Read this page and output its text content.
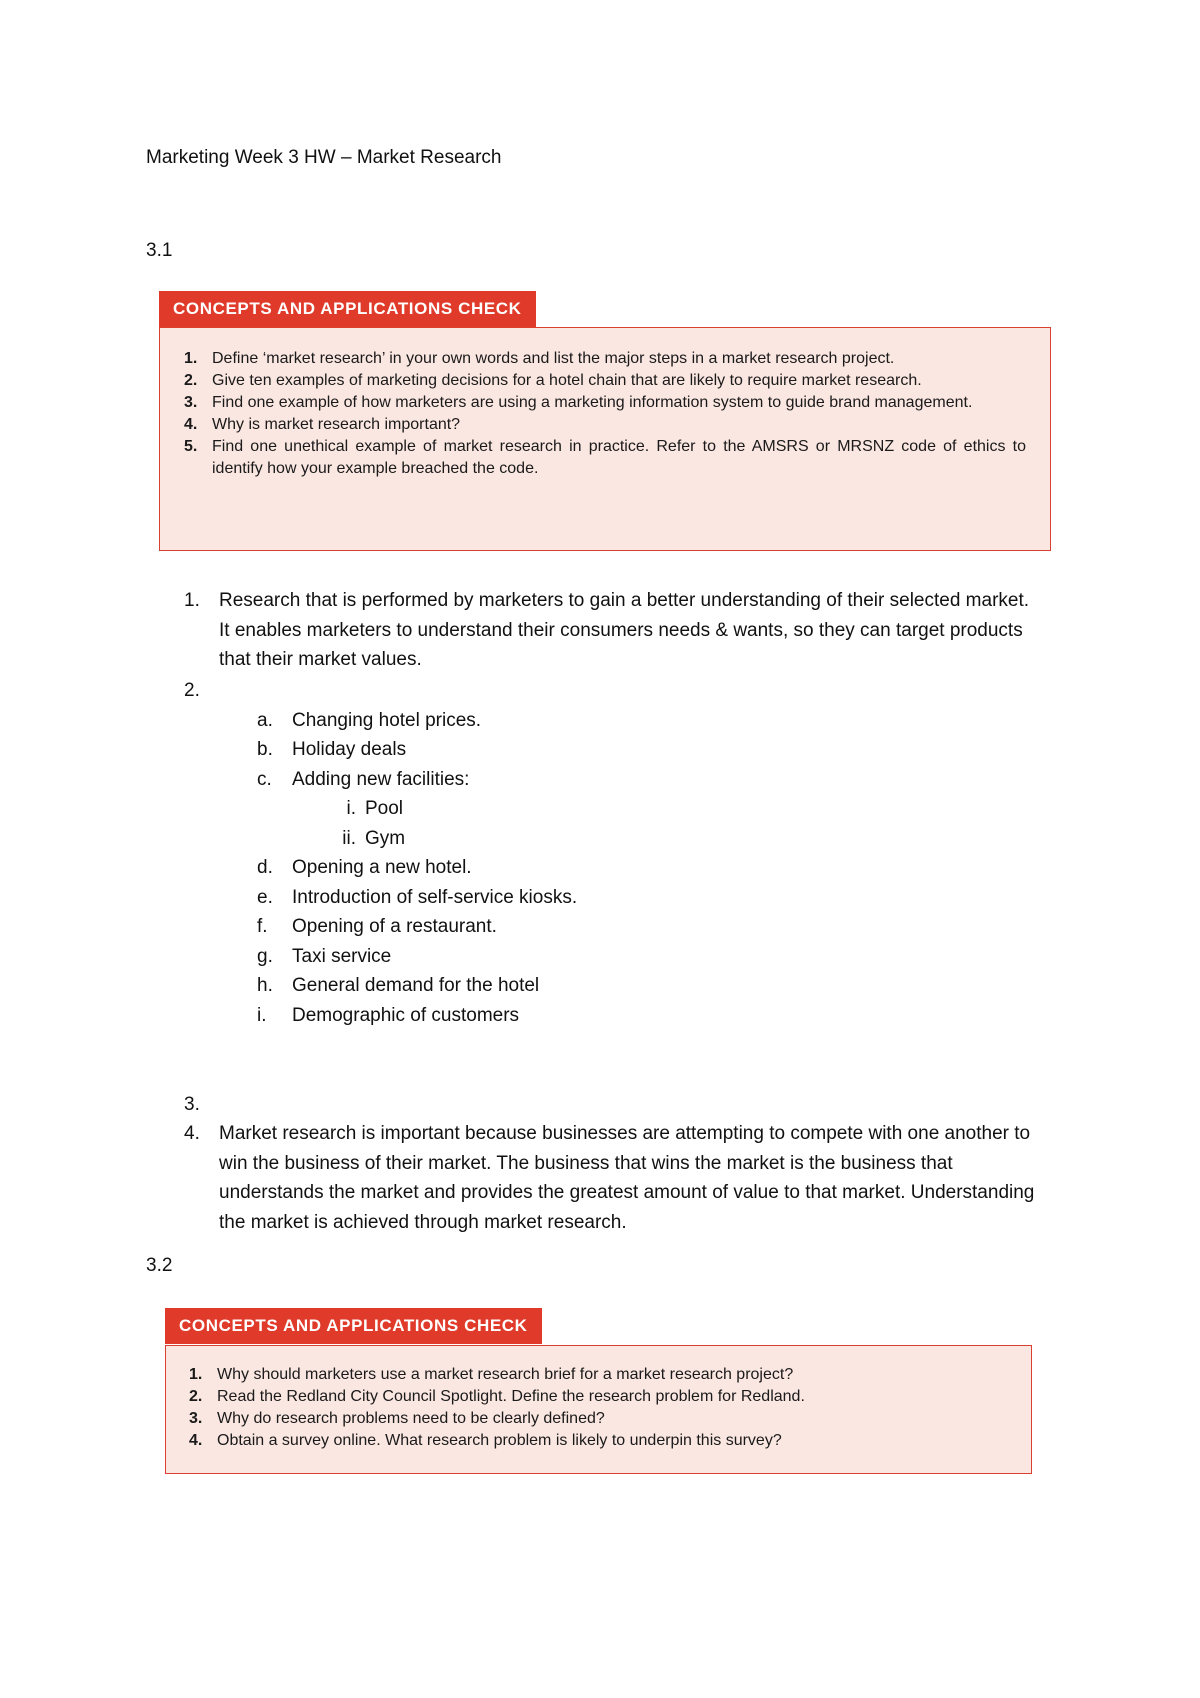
Marketing Week 3 HW – Market Research
3.1
CONCEPTS AND APPLICATIONS CHECK
1. Define ‘market research’ in your own words and list the major steps in a market research project.
2. Give ten examples of marketing decisions for a hotel chain that are likely to require market research.
3. Find one example of how marketers are using a marketing information system to guide brand management.
4. Why is market research important?
5. Find one unethical example of market research in practice. Refer to the AMSRS or MRSNZ code of ethics to identify how your example breached the code.
1. Research that is performed by marketers to gain a better understanding of their selected market. It enables marketers to understand their consumers needs & wants, so they can target products that their market values.
2.
a. Changing hotel prices.
b. Holiday deals
c. Adding new facilities:
i. Pool
ii. Gym
d. Opening a new hotel.
e. Introduction of self-service kiosks.
f. Opening of a restaurant.
g. Taxi service
h. General demand for the hotel
i. Demographic of customers
3.
4. Market research is important because businesses are attempting to compete with one another to win the business of their market. The business that wins the market is the business that understands the market and provides the greatest amount of value to that market. Understanding the market is achieved through market research.
3.2
CONCEPTS AND APPLICATIONS CHECK
1. Why should marketers use a market research brief for a market research project?
2. Read the Redland City Council Spotlight. Define the research problem for Redland.
3. Why do research problems need to be clearly defined?
4. Obtain a survey online. What research problem is likely to underpin this survey?
